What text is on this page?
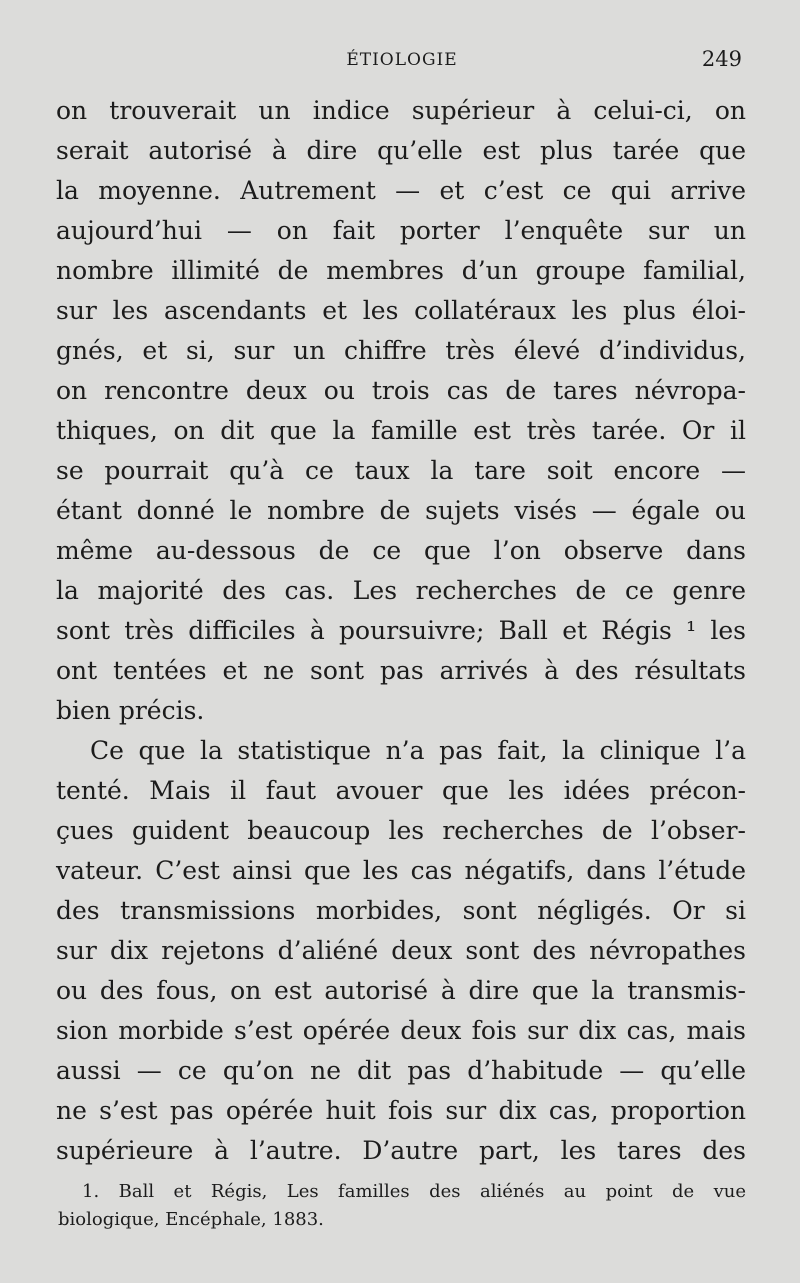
ÉTIOLOGIE	249
on trouverait un indice supérieur à celui-ci, on
serait autorisé à dire qu’elle est plus tarée que
la moyenne. Autrement — et c’est ce qui arrive
aujourd’hui — on fait porter l’enquête sur un
nombre illimité de membres d’un groupe familial,
sur les ascendants et les collatéraux les plus éloi-
gnés, et si, sur un chiffre très élevé d’individus,
on rencontre deux ou trois cas de tares névropa-
thiques, on dit que la famille est très tarée. Or il
se pourrait qu’à ce taux la tare soit encore —
étant donné le nombre de sujets visés — égale ou
même au-dessous de ce que l’on observe dans
la majorité des cas. Les recherches de ce genre
sont très difficiles à poursuivre; Ball et Régis ¹ les
ont tentées et ne sont pas arrivés à des résultats
bien précis.
Ce que la statistique n’a pas fait, la clinique l’a
tenté. Mais il faut avouer que les idées précon-
çues guident beaucoup les recherches de l’obser-
vateur. C’est ainsi que les cas négatifs, dans l’étude
des transmissions morbides, sont négligés. Or si
sur dix rejetons d’aliéné deux sont des névropathes
ou des fous, on est autorisé à dire que la transmis-
sion morbide s’est opérée deux fois sur dix cas, mais
aussi — ce qu’on ne dit pas d’habitude — qu’elle
ne s’est pas opérée huit fois sur dix cas, proportion
supérieure à l’autre. D’autre part, les tares des
1. Ball et Régis, Les familles des aliénés au point de vue
biologique, Encéphale, 1883.
